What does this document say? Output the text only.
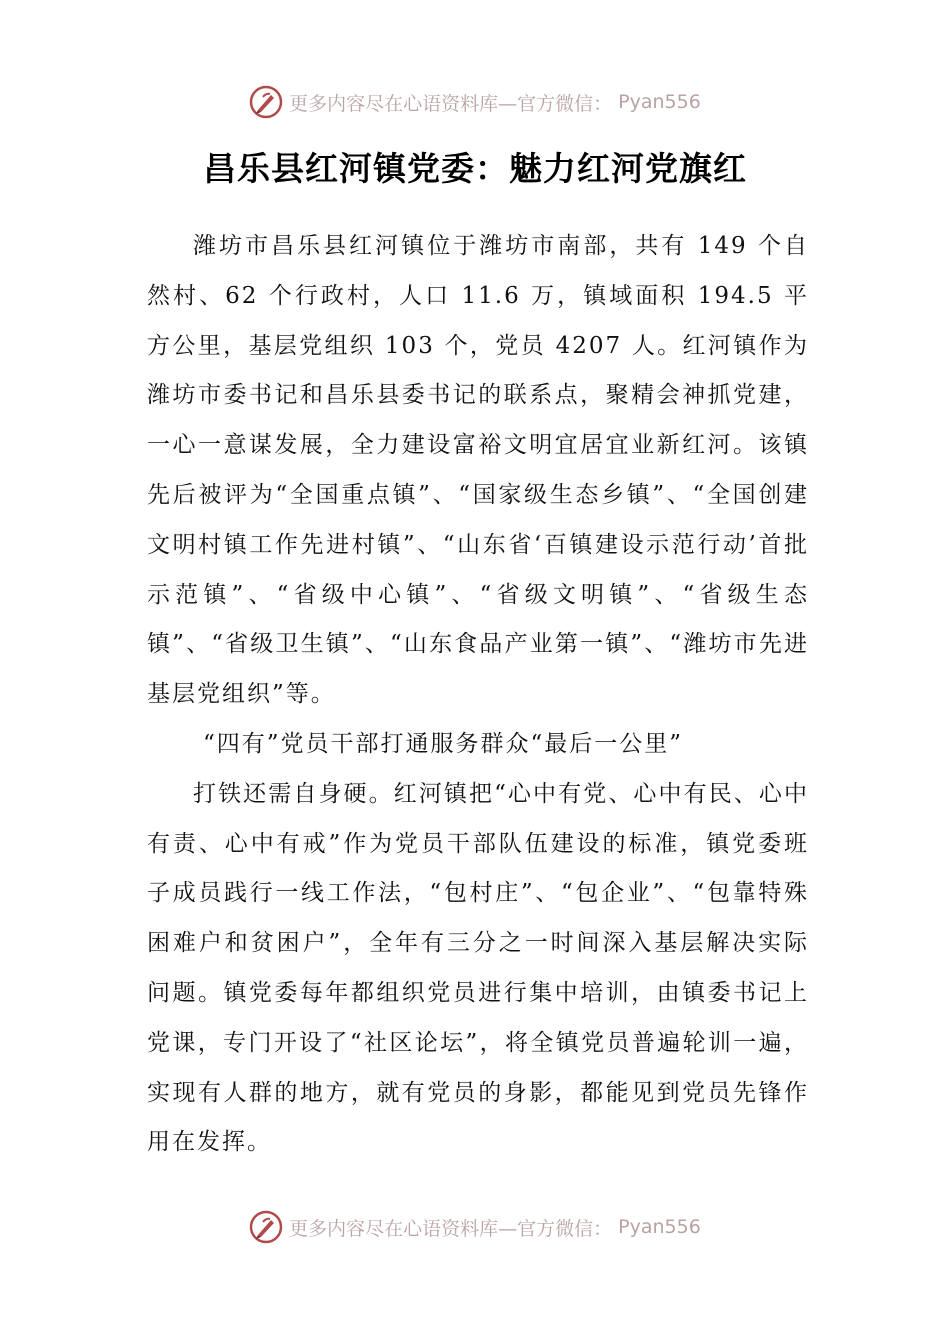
更多内容尽在心语资料库—官方微信： Pyan556
昌乐县红河镇党委：魅力红河党旗红

潍坊市昌乐县红河镇位于潍坊市南部，共有 149 个自然村、62 个行政村，人口 11.6 万，镇域面积 194.5 平方公里，基层党组织 103 个，党员 4207 人。红河镇作为潍坊市委书记和昌乐县委书记的联系点，聚精会神抓党建，一心一意谋发展，全力建设富裕文明宜居宜业新红河。该镇先后被评为“全国重点镇”、“国家级生态乡镇”、“全国创建文明村镇工作先进村镇”、“山东省‘百镇建设示范行动’首批示范镇”、“省级中心镇”、“省级文明镇”、“省级生态镇”、“省级卫生镇”、“山东食品产业第一镇”、“潍坊市先进基层党组织”等。

“四有”党员干部打通服务群众“最后一公里”

打铁还需自身硬。红河镇把“心中有党、心中有民、心中有责、心中有戒”作为党员干部队伍建设的标准，镇党委班子成员践行一线工作法，“包村庄”、“包企业”、“包靠特殊困难户和贫困户”，全年有三分之一时间深入基层解决实际问题。镇党委每年都组织党员进行集中培训，由镇委书记上党课，专门开设了“社区论坛”，将全镇党员普遍轮训一遍，实现有人群的地方，就有党员的身影，都能见到党员先锋作用在发挥。

更多内容尽在心语资料库—官方微信： Pyan556
